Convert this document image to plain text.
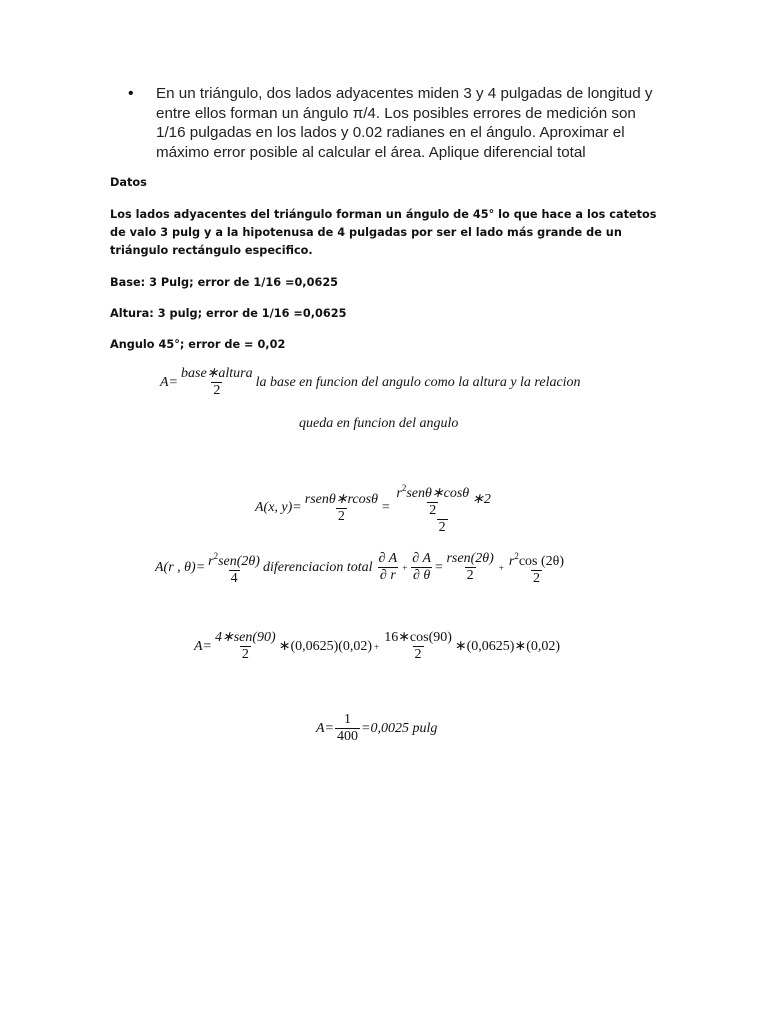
• En un triángulo, dos lados adyacentes miden 3 y 4 pulgadas de longitud y entre ellos forman un ángulo π/4. Los posibles errores de medición son 1/16 pulgadas en los lados y 0.02 radianes en el ángulo. Aproximar el máximo error posible al calcular el área. Aplique diferencial total
Datos
Los lados adyacentes del triángulo forman un ángulo de 45° lo que hace a los catetos de valo 3 pulg y a la hipotenusa de 4 pulgadas por ser el lado más grande de un triángulo rectángulo especifico.
Base: 3 Pulg; error de 1/16 =0,0625
Altura: 3 pulg; error de 1/16 =0,0625
Angulo 45°; error de = 0,02
$A= \frac{\text{base∗altura}}{2}$ la base en funcion del angulo como la altura y la relacion
queda en funcion del angulo
A(x, $y)= \frac{\text{rsenθ∗rcosθ}}{2} = \frac{\frac{r^2sen\theta∗\cos\theta}{2} ∗2}{2}$
A(r , $\theta)= \frac{r^2sen(2\theta)}{4}$ diferenciacion total $\frac{\partial A}{\partial r} + \frac{\partial A}{\partial \theta} = \frac{\text{rsen(2θ)}}{2} + \frac{r^2\cos (2\theta)}{2}$
$A= \frac{\text{4∗sen(90)}}{2}$ ∗(0,0625)(0,02) + $\frac{16∗\cos(90)}{2}$ ∗(0,0625)∗(0,02)
$A= \frac{1}{400} =0,0025$ pulg
